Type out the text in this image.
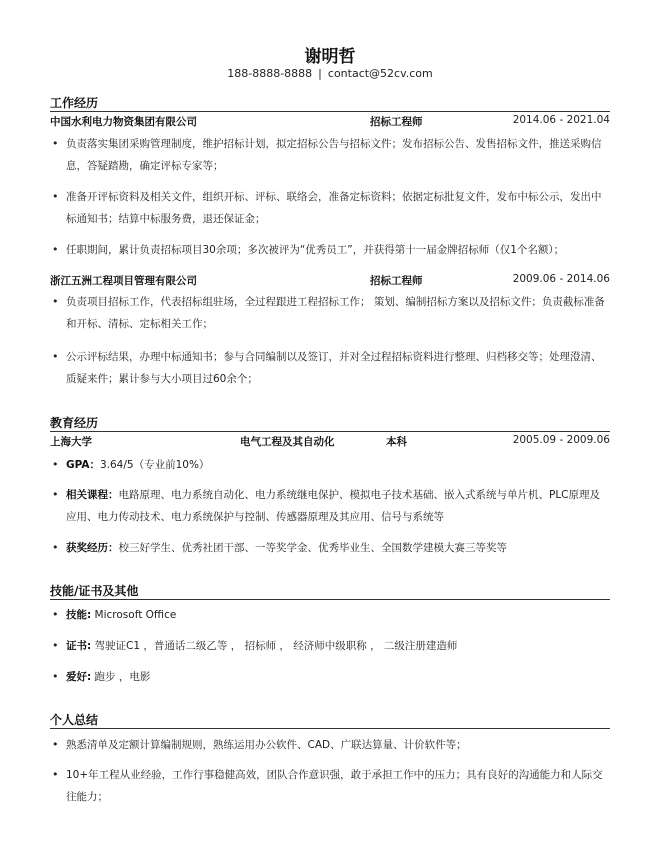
谢明哲
188-8888-8888 | contact@52cv.com
工作经历
中国水利电力物资集团有限公司	招标工程师	2014.06 - 2021.04
• 负责落实集团采购管理制度，维护招标计划，拟定招标公告与招标文件；发布招标公告、发售招标文件，推送采购信息，答疑踏勘，确定评标专家等；
• 准备开评标资料及相关文件，组织开标、评标、联络会，准备定标资料；依据定标批复文件，发布中标公示，发出中标通知书；结算中标服务费，退还保证金；
• 任职期间，累计负责招标项目30余项；多次被评为“优秀员工”，并获得第十一届金牌招标师（仅1个名额）；
浙江五洲工程项目管理有限公司	招标工程师	2009.06 - 2014.06
• 负责项目招标工作，代表招标组驻场，全过程跟进工程招标工作； 策划、编制招标方案以及招标文件；负责截标准备和开标、清标、定标相关工作；
• 公示评标结果，办理中标通知书；参与合同编制以及签订，并对全过程招标资料进行整理、归档移交等；处理澄清、质疑来件；累计参与大小项目过60余个；
教育经历
上海大学	电气工程及其自动化	本科	2005.09 - 2009.06
• GPA：3.64/5（专业前10%）
• 相关课程：电路原理、电力系统自动化、电力系统继电保护、模拟电子技术基础、嵌入式系统与单片机、PLC原理及应用、电力传动技术、电力系统保护与控制、传感器原理及其应用、信号与系统等
• 获奖经历：校三好学生、优秀社团干部、一等奖学金、优秀毕业生、全国数学建模大赛三等奖等
技能/证书及其他
• 技能: Microsoft Office
• 证书: 驾驶证C1 ，普通话二级乙等 ， 招标师 ， 经济师中级职称 ， 二级注册建造师
• 爱好: 跑步 ，电影
个人总结
• 熟悉清单及定额计算编制规则，熟练运用办公软件、CAD、广联达算量、计价软件等；
• 10+年工程从业经验，工作行事稳健高效，团队合作意识强，敢于承担工作中的压力；具有良好的沟通能力和人际交往能力；
